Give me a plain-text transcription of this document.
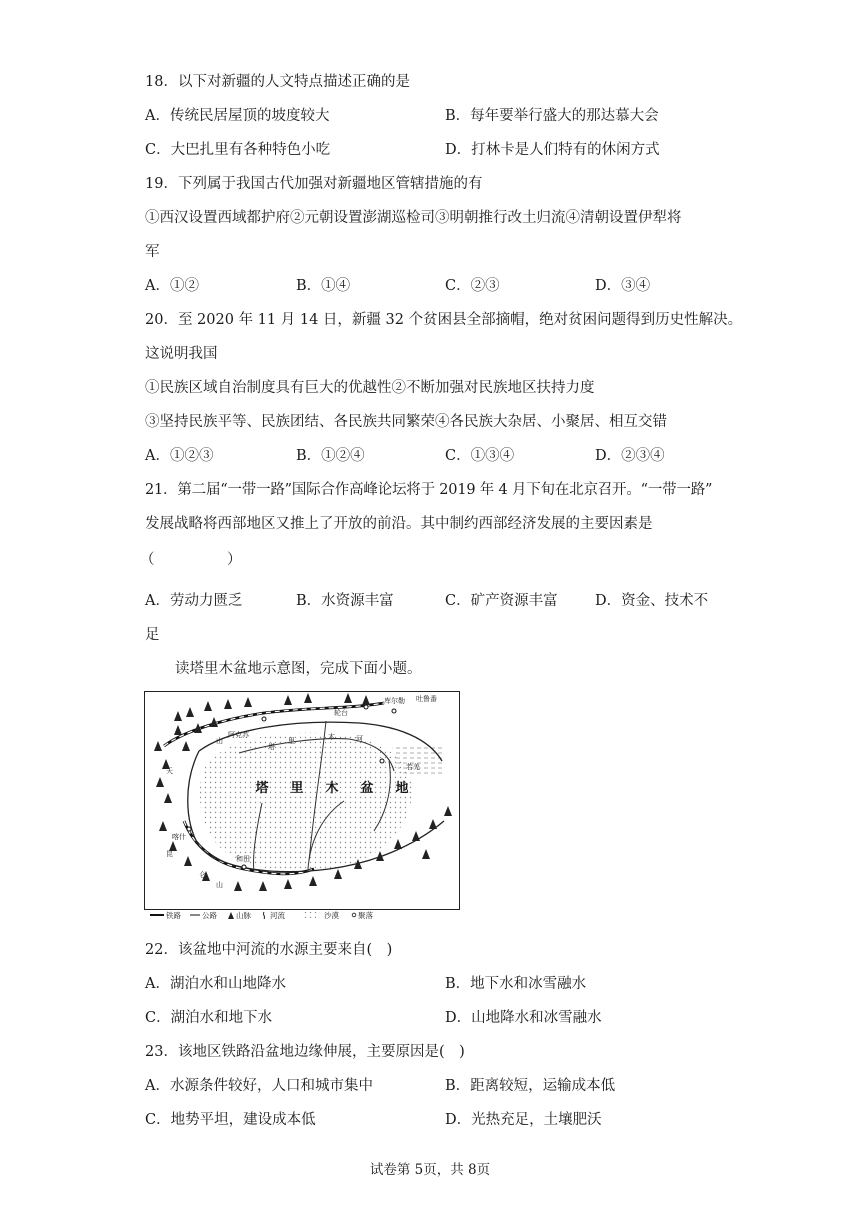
18．以下对新疆的人文特点描述正确的是
A．传统民居屋顶的坡度较大	B．每年要举行盛大的那达慕大会
C．大巴扎里有各种特色小吃	D．打林卡是人们特有的休闲方式
19．下列属于我国古代加强对新疆地区管辖措施的有
①西汉设置西域都护府②元朝设置澎湖巡检司③明朝推行改土归流④清朝设置伊犁将
军
A．①②	B．①④	C．②③	D．③④
20．至 2020 年 11 月 14 日，新疆 32 个贫困县全部摘帽，绝对贫困问题得到历史性解决。
这说明我国
①民族区域自治制度具有巨大的优越性②不断加强对民族地区扶持力度
③坚持民族平等、民族团结、各民族共同繁荣④各民族大杂居、小聚居、相互交错
A．①②③	B．①②④	C．①③④	D．②③④
21．第二届“一带一路”国际合作高峰论坛将于 2019 年 4 月下旬在北京召开。“一带一路”
发展战略将西部地区又推上了开放的前沿。其中制约西部经济发展的主要因素是
（　　　　　）
A．劳动力匮乏	B．水资源丰富	C．矿产资源丰富	D．资金、技术不
足
读塔里木盆地示意图，完成下面小题。
塔 里 木 盆 地
天
山
阿克苏
库尔勒
轮台
吐鲁番
若羌
喀什
和田
昆
仑
山
塔
里	木	河
铁路	公路	山脉	河流	沙漠	聚落
22．该盆地中河流的水源主要来自(　)
A．湖泊水和山地降水	B．地下水和冰雪融水
C．湖泊水和地下水	D．山地降水和冰雪融水
23．该地区铁路沿盆地边缘伸展，主要原因是(　)
A．水源条件较好，人口和城市集中	B．距离较短，运输成本低
C．地势平坦，建设成本低	D．光热充足，土壤肥沃
试卷第 5页，共 8页
